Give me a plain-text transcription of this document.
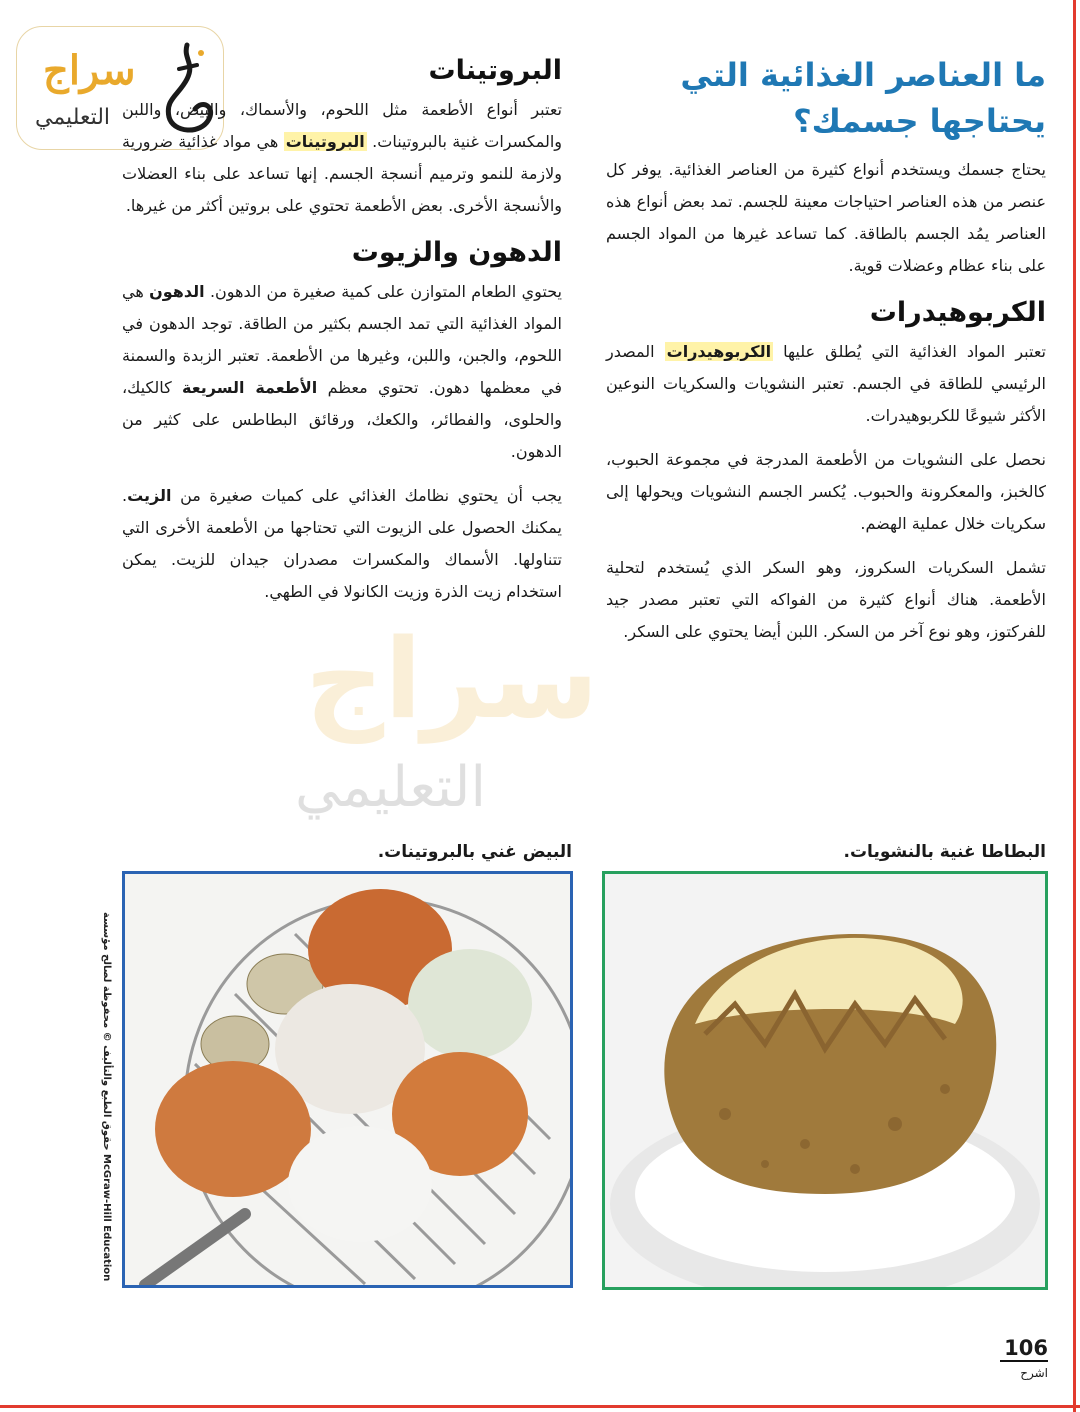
سراج
التعليمي
سراج
التعليمي
ما العناصر الغذائية التي يحتاجها جسمك؟

يحتاج جسمك ويستخدم أنواع كثيرة من العناصر الغذائية. يوفر كل عنصر من هذه العناصر احتياجات معينة للجسم. تمد بعض أنواع هذه العناصر يمُد الجسم بالطاقة. كما تساعد غيرها من المواد الجسم على بناء عظام وعضلات قوية.

الكربوهيدرات

تعتبر المواد الغذائية التي يُطلق عليها الكربوهيدرات المصدر الرئيسي للطاقة في الجسم. تعتبر النشويات والسكريات النوعين الأكثر شيوعًا للكربوهيدرات.

نحصل على النشويات من الأطعمة المدرجة في مجموعة الحبوب، كالخبز، والمعكرونة والحبوب. يُكسر الجسم النشويات ويحولها إلى سكريات خلال عملية الهضم.

تشمل السكريات السكروز، وهو السكر الذي يُستخدم لتحلية الأطعمة. هناك أنواع كثيرة من الفواكه التي تعتبر مصدر جيد للفركتوز، وهو نوع آخر من السكر. اللبن أيضا يحتوي على السكر.

البروتينات

تعتبر أنواع الأطعمة مثل اللحوم، والأسماك، والبيض، واللبن والمكسرات غنية بالبروتينات. البروتينات هي مواد غذائية ضرورية ولازمة للنمو وترميم أنسجة الجسم. إنها تساعد على بناء العضلات والأنسجة الأخرى. بعض الأطعمة تحتوي على بروتين أكثر من غيرها.

الدهون والزيوت

يحتوي الطعام المتوازن على كمية صغيرة من الدهون. الدهون هي المواد الغذائية التي تمد الجسم بكثير من الطاقة. توجد الدهون في اللحوم، والجبن، واللبن، وغيرها من الأطعمة. تعتبر الزبدة والسمنة في معظمها دهون. تحتوي معظم الأطعمة السريعة كالكيك، والحلوى، والفطائر، والكعك، ورقائق البطاطس على كثير من الدهون.

يجب أن يحتوي نظامك الغذائي على كميات صغيرة من الزيت. يمكنك الحصول على الزيوت التي تحتاجها من الأطعمة الأخرى التي تتناولها. الأسماك والمكسرات مصدران جيدان للزيت. يمكن استخدام زيت الذرة وزيت الكانولا في الطهي.

البطاطا غنية بالنشويات.
البيض غني بالبروتينات.
حقوق الطبع والتأليف © محفوظة لصالح مؤسسة McGraw-Hill Education
106
اشرح
